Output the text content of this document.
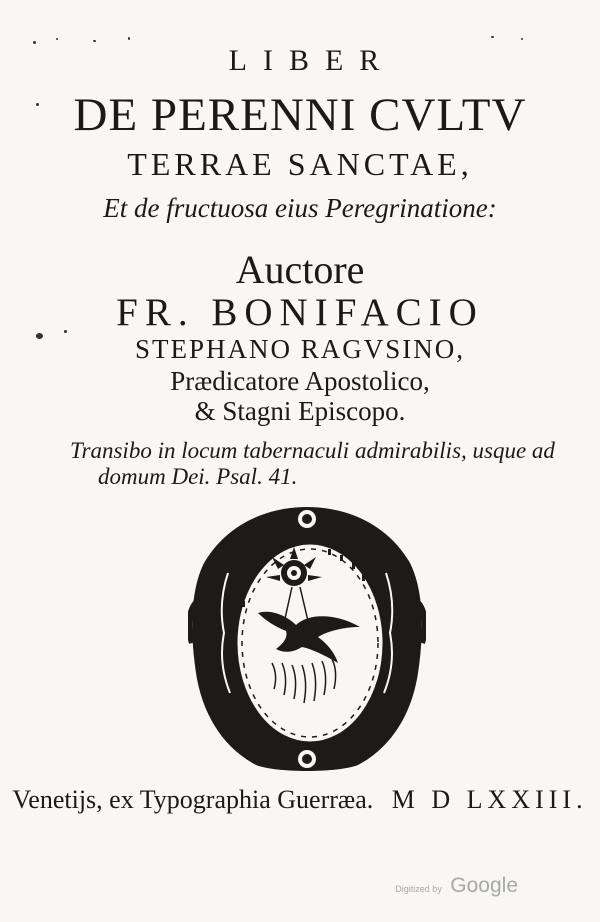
LIBER
DE PERENNI CVLTV
TERRAE SANCTAE,
Et de fructuosa eius Peregrinatione:
Auctore
FR. BONIFACIO
STEPHANO RAGVSINO,
Prædicatore Apostolico,
& Stagni Episcopo.
Transibo in locum tabernaculi admirabilis, usque ad
domum Dei. Psal. 41.
Venetijs, ex Typographia Guerræa. M D LXXIII.
Digitized by Google
